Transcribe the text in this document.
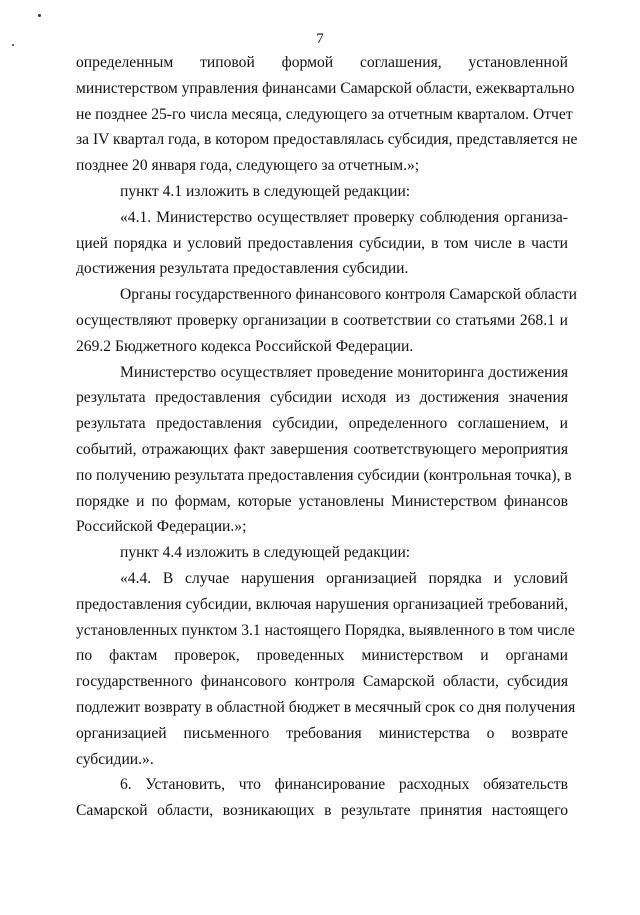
7
определенным типовой формой соглашения, установленной
министерством управления финансами Самарской области, ежеквартально
не позднее 25-го числа месяца, следующего за отчетным кварталом. Отчет
за IV квартал года, в котором предоставлялась субсидия, представляется не
позднее 20 января года, следующего за отчетным.»;
пункт 4.1 изложить в следующей редакции:
«4.1. Министерство осуществляет проверку соблюдения организа-
цией порядка и условий предоставления субсидии, в том числе в части
достижения результата предоставления субсидии.
Органы государственного финансового контроля Самарской области
осуществляют проверку организации в соответствии со статьями 268.1 и
269.2 Бюджетного кодекса Российской Федерации.
Министерство осуществляет проведение мониторинга достижения
результата предоставления субсидии исходя из достижения значения
результата предоставления субсидии, определенного соглашением, и
событий, отражающих факт завершения соответствующего мероприятия
по получению результата предоставления субсидии (контрольная точка), в
порядке и по формам, которые установлены Министерством финансов
Российской Федерации.»;
пункт 4.4 изложить в следующей редакции:
«4.4. В случае нарушения организацией порядка и условий
предоставления субсидии, включая нарушения организацией требований,
установленных пунктом 3.1 настоящего Порядка, выявленного в том числе
по фактам проверок, проведенных министерством и органами
государственного финансового контроля Самарской области, субсидия
подлежит возврату в областной бюджет в месячный срок со дня получения
организацией письменного требования министерства о возврате
субсидии.».
6. Установить, что финансирование расходных обязательств
Самарской области, возникающих в результате принятия настоящего
